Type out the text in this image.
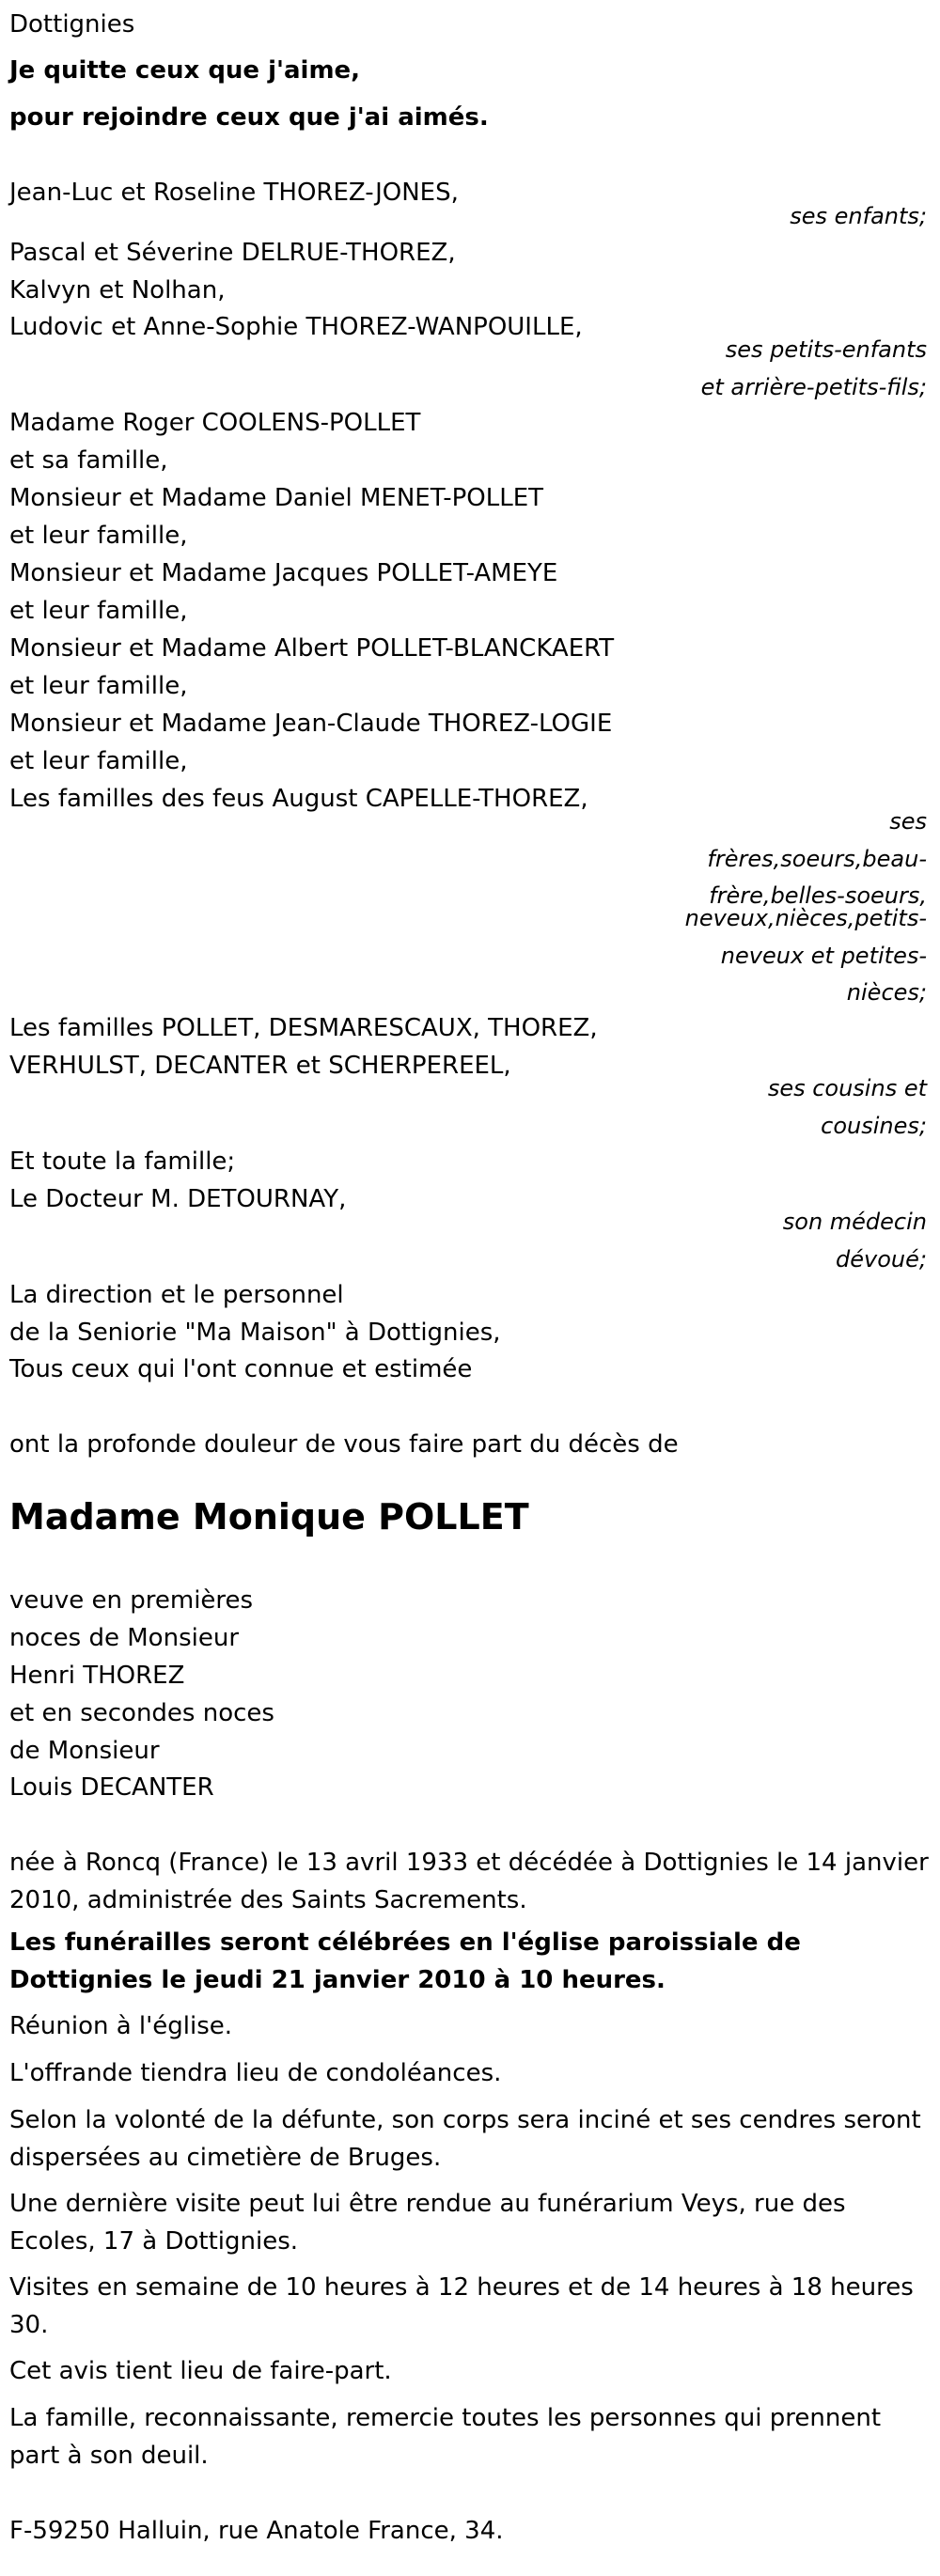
Dottignies

Je quitte ceux que j'aime,

pour rejoindre ceux que j'ai aimés.

Jean-Luc et Roseline THOREZ-JONES,

ses enfants;

Pascal et Séverine DELRUE-THOREZ,

Kalvyn et Nolhan,

Ludovic et Anne-Sophie THOREZ-WANPOUILLE,

ses petits-enfants

et arrière-petits-fils;

Madame Roger COOLENS-POLLET

et sa famille,

Monsieur et Madame Daniel MENET-POLLET

et leur famille,

Monsieur et Madame Jacques POLLET-AMEYE

et leur famille,

Monsieur et Madame Albert POLLET-BLANCKAERT

et leur famille,

Monsieur et Madame Jean-Claude THOREZ-LOGIE

et leur famille,

Les familles des feus August CAPELLE-THOREZ,

ses

frères,soeurs,beau-

frère,belles-soeurs,

neveux,nièces,petits-

neveux et petites-

nièces;

Les familles POLLET, DESMARESCAUX, THOREZ,

VERHULST, DECANTER et SCHERPEREEL,

ses cousins et

cousines;

Et toute la famille;

Le Docteur M. DETOURNAY,

son médecin

dévoué;

La direction et le personnel

de la Seniorie "Ma Maison" à Dottignies,

Tous ceux qui l'ont connue et estimée

ont la profonde douleur de vous faire part du décès de

Madame Monique POLLET

veuve en premières

noces de Monsieur

Henri THOREZ

et en secondes noces

de Monsieur

Louis DECANTER

née à Roncq (France) le 13 avril 1933 et décédée à Dottignies le 14 janvier 2010, administrée des Saints Sacrements.

Les funérailles seront célébrées en l'église paroissiale de Dottignies le jeudi 21 janvier 2010 à 10 heures.

Réunion à l'église.

L'offrande tiendra lieu de condoléances.

Selon la volonté de la défunte, son corps sera inciné et ses cendres seront dispersées au cimetière de Bruges.

Une dernière visite peut lui être rendue au funérarium Veys, rue des Ecoles, 17 à Dottignies.

Visites en semaine de 10 heures à 12 heures et de 14 heures à 18 heures 30.

Cet avis tient lieu de faire-part.

La famille, reconnaissante, remercie toutes les personnes qui prennent part à son deuil.

F-59250 Halluin, rue Anatole France, 34.
